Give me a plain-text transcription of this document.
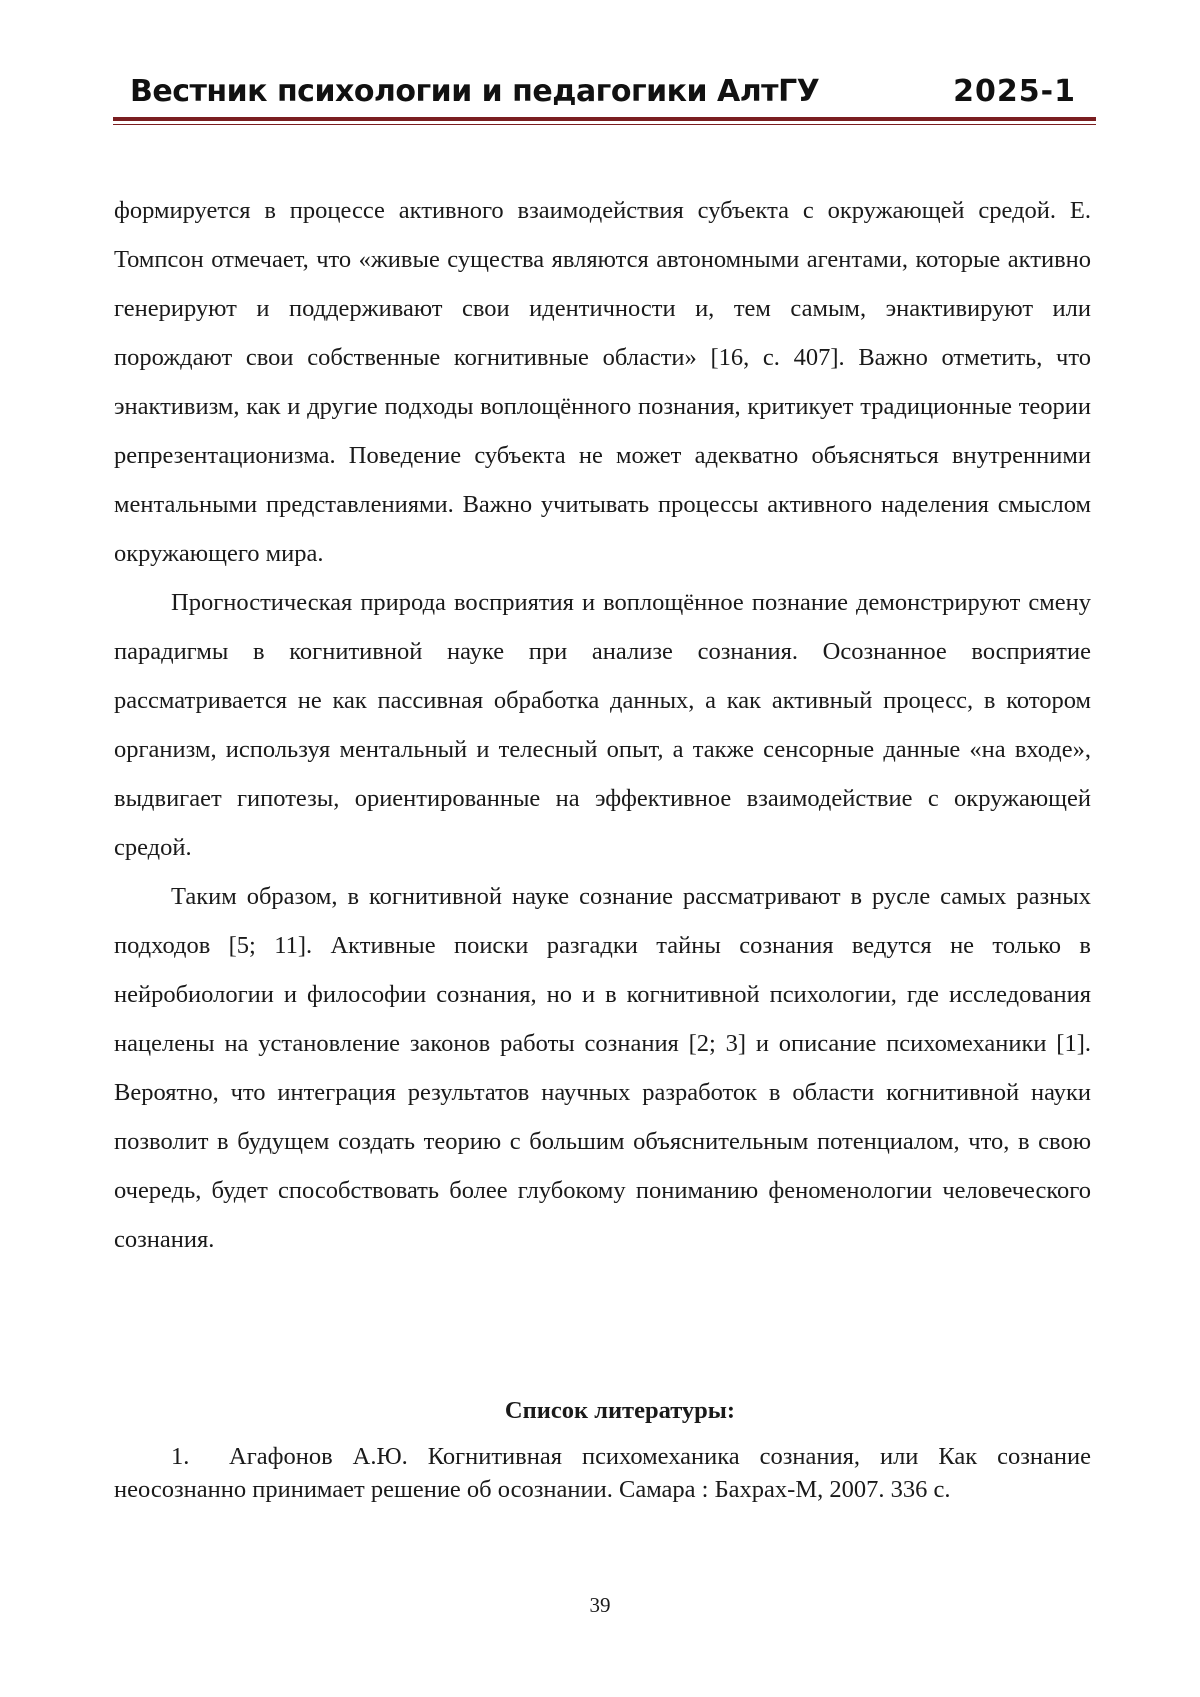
Вестник психологии и педагогики АлтГУ	2025-1

формируется в процессе активного взаимодействия субъекта с окружающей средой. Е. Томпсон отмечает, что «живые существа являются автономными агентами, которые активно генерируют и поддерживают свои идентичности и, тем самым, энактивируют или порождают свои собственные когнитивные области» [16, с. 407]. Важно отметить, что энактивизм, как и другие подходы воплощённого познания, критикует традиционные теории репрезентационизма. Поведение субъекта не может адекватно объясняться внутренними ментальными представлениями. Важно учитывать процессы активного наделения смыслом окружающего мира.

Прогностическая природа восприятия и воплощённое познание демонстрируют смену парадигмы в когнитивной науке при анализе сознания. Осознанное восприятие рассматривается не как пассивная обработка данных, а как активный процесс, в котором организм, используя ментальный и телесный опыт, а также сенсорные данные «на входе», выдвигает гипотезы, ориентированные на эффективное взаимодействие с окружающей средой.

Таким образом, в когнитивной науке сознание рассматривают в русле самых разных подходов [5; 11]. Активные поиски разгадки тайны сознания ведутся не только в нейробиологии и философии сознания, но и в когнитивной психологии, где исследования нацелены на установление законов работы сознания [2; 3] и описание психомеханики [1]. Вероятно, что интеграция результатов научных разработок в области когнитивной науки позволит в будущем создать теорию с большим объяснительным потенциалом, что, в свою очередь, будет способствовать более глубокому пониманию феноменологии человеческого сознания.

Список литературы:
1. Агафонов А.Ю. Когнитивная психомеханика сознания, или Как сознание неосознанно принимает решение об осознании. Самара : Бахрах-М, 2007. 336 с.
39
